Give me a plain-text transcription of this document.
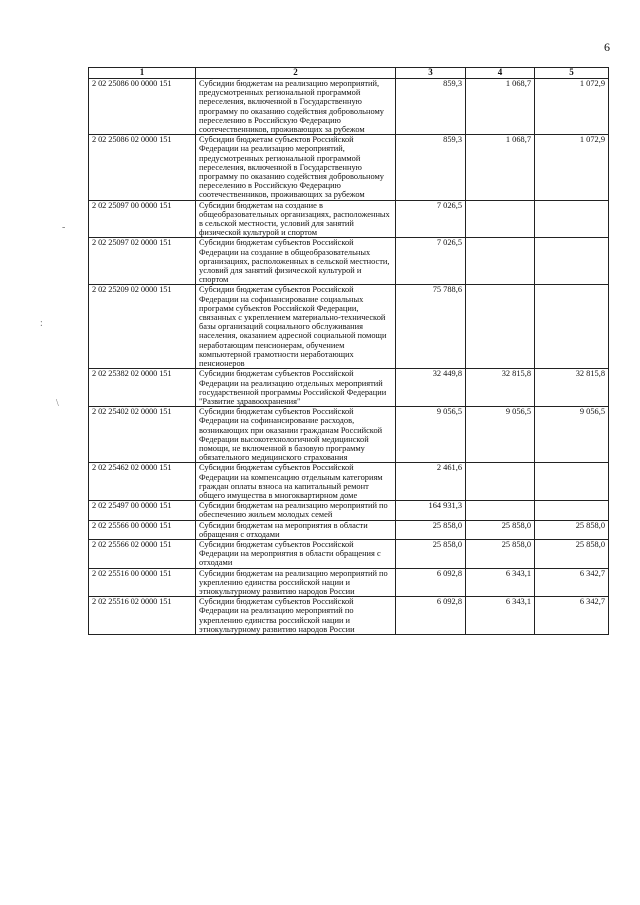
6
-
:
\
1	2	3	4	5
2 02 25086 00 0000 151	Субсидии бюджетам на реализацию мероприятий, предусмотренных региональной программой переселения, включенной в Государственную программу по оказанию содействия добровольному переселению в Российскую Федерацию соотечественников, проживающих за рубежом	859,3	1 068,7	1 072,9
2 02 25086 02 0000 151	Субсидии бюджетам субъектов Российской Федерации на реализацию мероприятий, предусмотренных региональной программой переселения, включенной в Государственную программу по оказанию содействия добровольному переселению в Российскую Федерацию соотечественников, проживающих за рубежом	859,3	1 068,7	1 072,9
2 02 25097 00 0000 151	Субсидии бюджетам на создание в общеобразовательных организациях, расположенных в сельской местности, условий для занятий физической культурой и спортом	7 026,5		
2 02 25097 02 0000 151	Субсидии бюджетам субъектов Российской Федерации на создание в общеобразовательных организациях, расположенных в сельской местности, условий для занятий физической культурой и спортом	7 026,5		
2 02 25209 02 0000 151	Субсидии бюджетам субъектов Российской Федерации на софинансирование социальных программ субъектов Российской Федерации, связанных с укреплением материально-технической базы организаций социального обслуживания населения, оказанием адресной социальной помощи неработающим пенсионерам, обучением компьютерной грамотности неработающих пенсионеров	75 788,6		
2 02 25382 02 0000 151	Субсидии бюджетам субъектов Российской Федерации на реализацию отдельных мероприятий государственной программы Российской Федерации "Развитие здравоохранения"	32 449,8	32 815,8	32 815,8
2 02 25402 02 0000 151	Субсидии бюджетам субъектов Российской Федерации на софинансирование расходов, возникающих при оказании гражданам Российской Федерации высокотехнологичной медицинской помощи, не включенной в базовую программу обязательного медицинского страхования	9 056,5	9 056,5	9 056,5
2 02 25462 02 0000 151	Субсидии бюджетам субъектов Российской Федерации на компенсацию отдельным категориям граждан оплаты взноса на капитальный ремонт общего имущества в многоквартирном доме	2 461,6		
2 02 25497 00 0000 151	Субсидии бюджетам на реализацию мероприятий по обеспечению жильем молодых семей	164 931,3		
2 02 25566 00 0000 151	Субсидии бюджетам на мероприятия в области обращения с отходами	25 858,0	25 858,0	25 858,0
2 02 25566 02 0000 151	Субсидии бюджетам субъектов Российской Федерации на мероприятия в области обращения с отходами	25 858,0	25 858,0	25 858,0
2 02 25516 00 0000 151	Субсидии бюджетам на реализацию мероприятий по укреплению единства российской нации и этнокультурному развитию народов России	6 092,8	6 343,1	6 342,7
2 02 25516 02 0000 151	Субсидии бюджетам субъектов Российской Федерации на реализацию мероприятий по укреплению единства российской нации и этнокультурному развитию народов России	6 092,8	6 343,1	6 342,7
